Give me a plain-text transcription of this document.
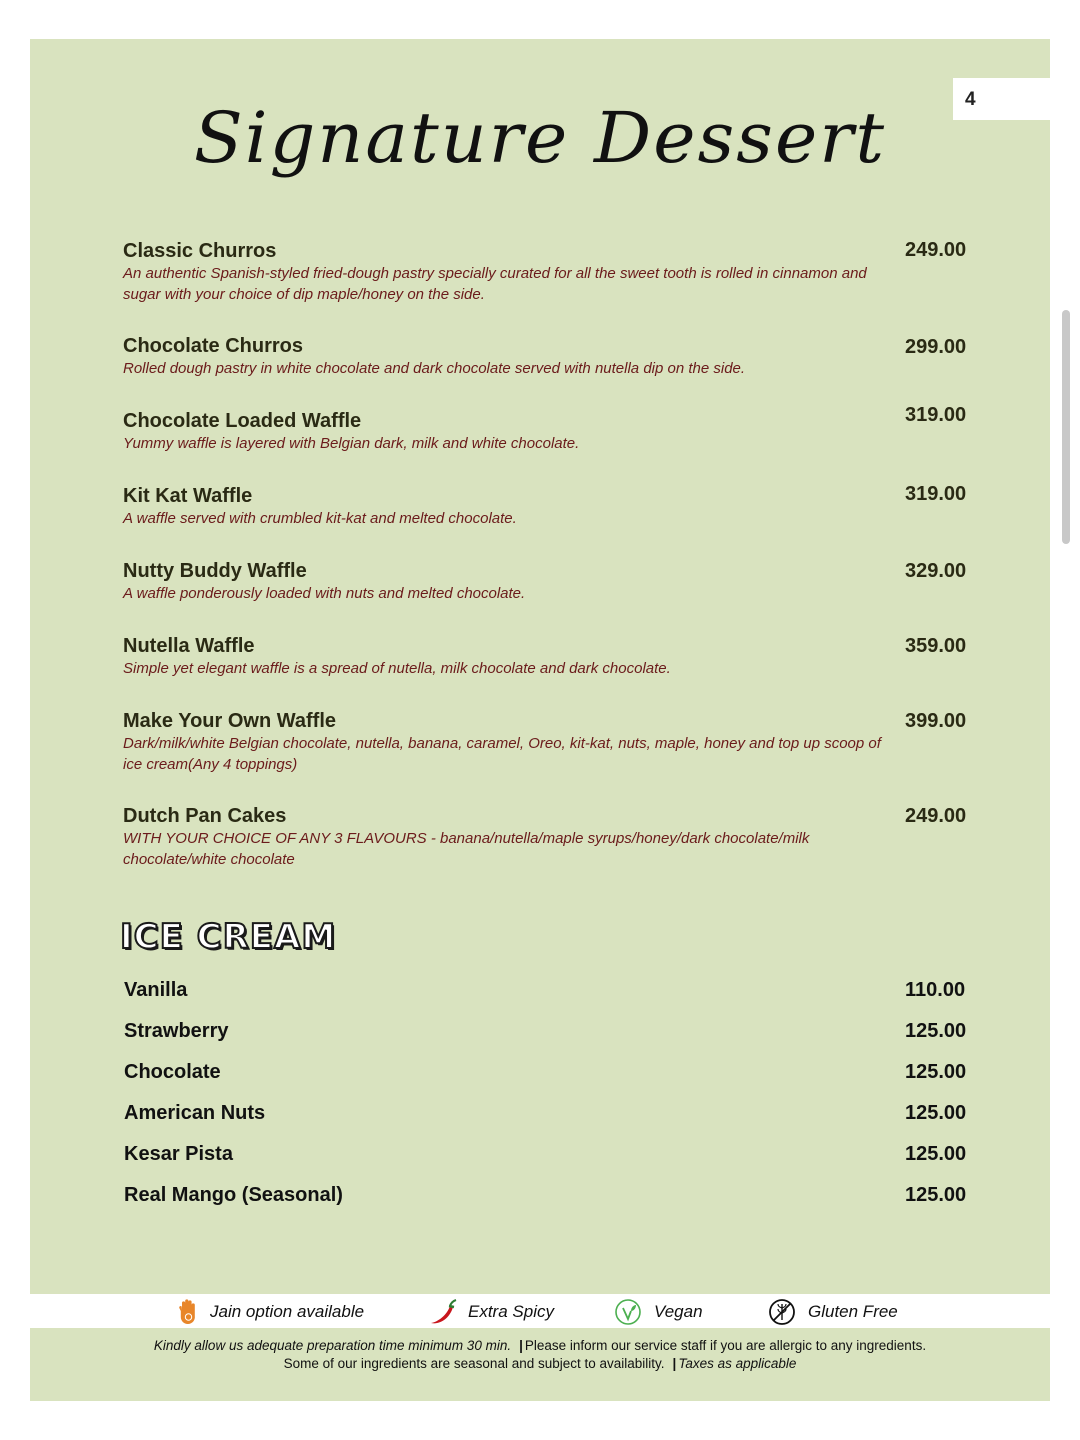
4
Signature Dessert
Classic Churros
An authentic Spanish-styled fried-dough pastry specially curated for all the sweet tooth is rolled in cinnamon and sugar with your choice of dip maple/honey on the side.
249.00
Chocolate Churros
Rolled dough pastry in white chocolate and dark chocolate served with nutella dip on the side.
299.00
Chocolate Loaded Waffle
Yummy waffle is layered with Belgian dark, milk and white chocolate.
319.00
Kit Kat Waffle
A waffle served with crumbled kit-kat and melted chocolate.
319.00
Nutty Buddy Waffle
A waffle ponderously loaded with nuts and melted chocolate.
329.00
Nutella Waffle
Simple yet elegant waffle is a spread of nutella, milk chocolate and dark chocolate.
359.00
Make Your Own Waffle
Dark/milk/white Belgian chocolate, nutella, banana, caramel, Oreo, kit-kat, nuts, maple, honey and top up scoop of ice cream(Any 4 toppings)
399.00
Dutch Pan Cakes
WITH YOUR CHOICE OF ANY 3 FLAVOURS - banana/nutella/maple syrups/honey/dark chocolate/milk chocolate/white chocolate
249.00
ICE CREAM
Vanilla	110.00
Strawberry	125.00
Chocolate	125.00
American Nuts	125.00
Kesar Pista	125.00
Real Mango (Seasonal)	125.00
Jain option available	Extra Spicy	Vegan	Gluten Free
Kindly allow us adequate preparation time minimum 30 min. | Please inform our service staff if you are allergic to any ingredients.
Some of our ingredients are seasonal and subject to availability. | Taxes as applicable
